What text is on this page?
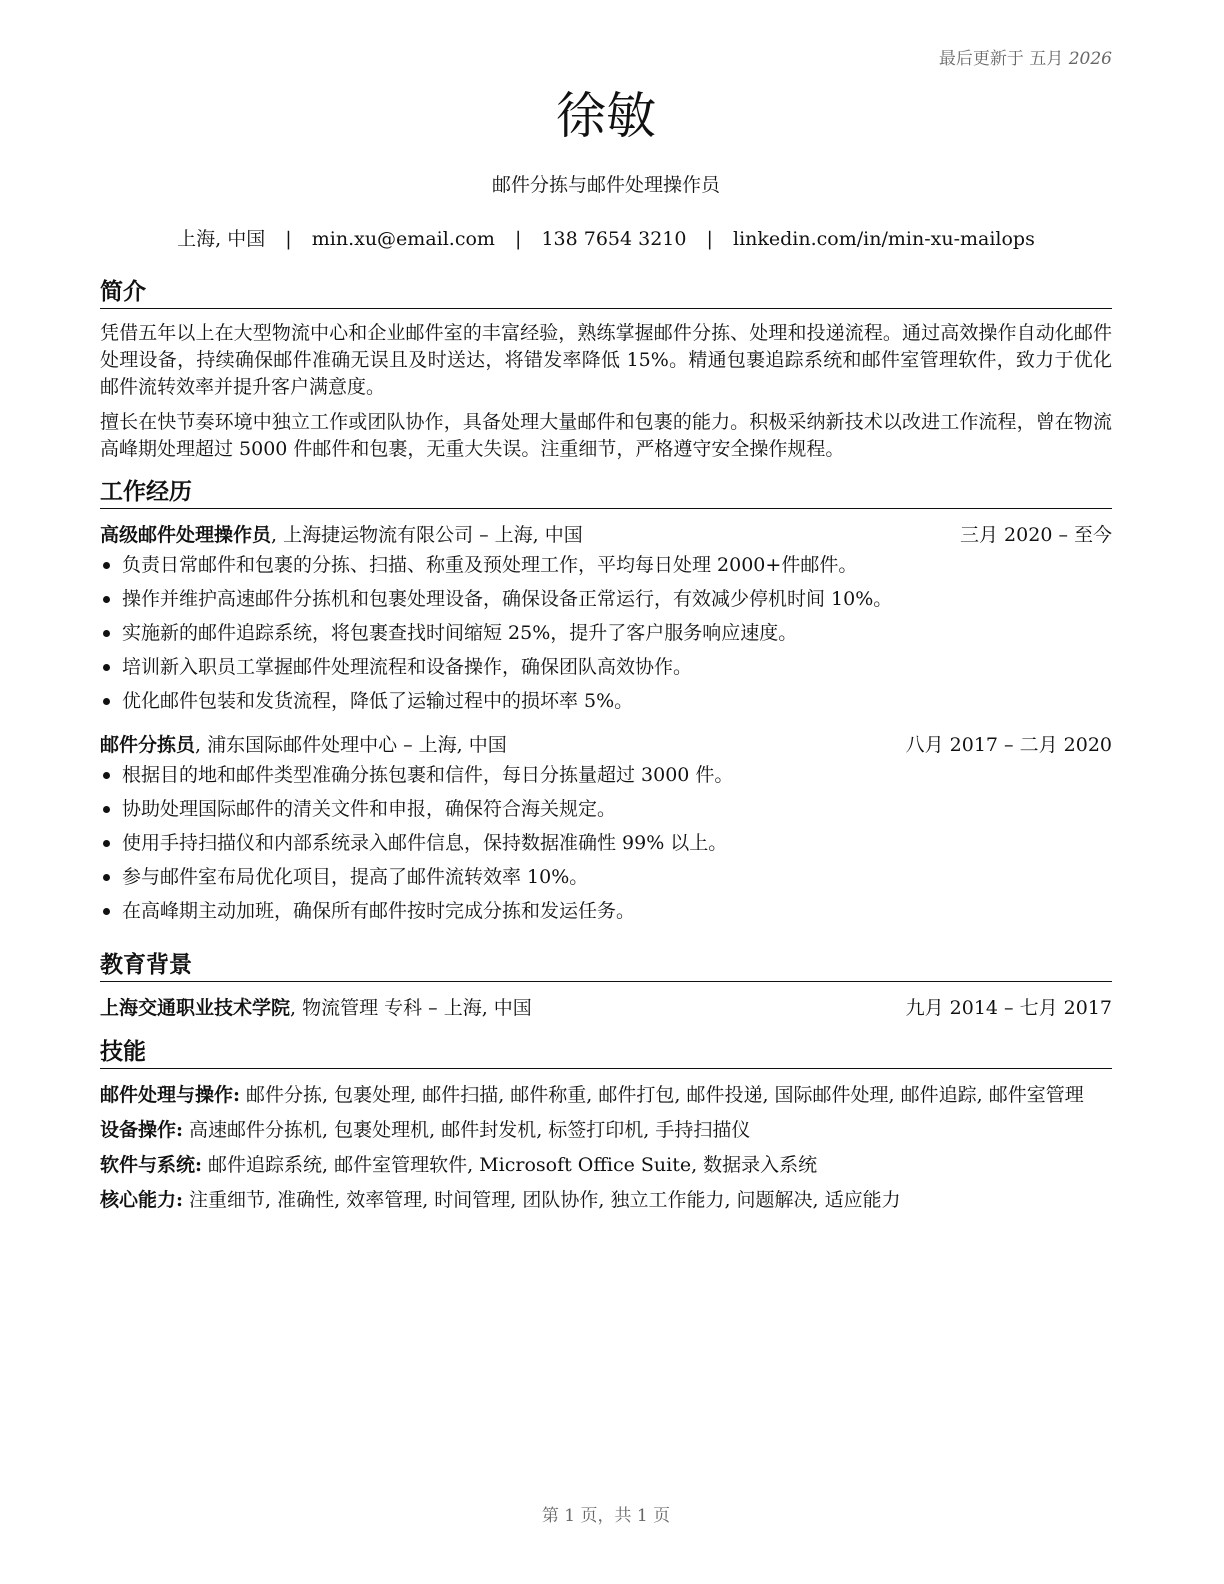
最后更新于 五月 2026
徐敏
邮件分拣与邮件处理操作员
上海, 中国 | min.xu@email.com | 138 7654 3210 | linkedin.com/in/min-xu-mailops
简介

凭借五年以上在大型物流中心和企业邮件室的丰富经验，熟练掌握邮件分拣、处理和投递流程。通过高效操作自动化邮件处理设备，持续确保邮件准确无误且及时送达，将错发率降低 15%。精通包裹追踪系统和邮件室管理软件，致力于优化邮件流转效率并提升客户满意度。

擅长在快节奏环境中独立工作或团队协作，具备处理大量邮件和包裹的能力。积极采纳新技术以改进工作流程，曾在物流高峰期处理超过 5000 件邮件和包裹，无重大失误。注重细节，严格遵守安全操作规程。

工作经历
高级邮件处理操作员, 上海捷运物流有限公司 – 上海, 中国	三月 2020 – 至今
负责日常邮件和包裹的分拣、扫描、称重及预处理工作，平均每日处理 2000+件邮件。
操作并维护高速邮件分拣机和包裹处理设备，确保设备正常运行，有效减少停机时间 10%。
实施新的邮件追踪系统，将包裹查找时间缩短 25%，提升了客户服务响应速度。
培训新入职员工掌握邮件处理流程和设备操作，确保团队高效协作。
优化邮件包装和发货流程，降低了运输过程中的损坏率 5%。
邮件分拣员, 浦东国际邮件处理中心 – 上海, 中国	八月 2017 – 二月 2020
根据目的地和邮件类型准确分拣包裹和信件，每日分拣量超过 3000 件。
协助处理国际邮件的清关文件和申报，确保符合海关规定。
使用手持扫描仪和内部系统录入邮件信息，保持数据准确性 99% 以上。
参与邮件室布局优化项目，提高了邮件流转效率 10%。
在高峰期主动加班，确保所有邮件按时完成分拣和发运任务。
教育背景
上海交通职业技术学院, 物流管理 专科 – 上海, 中国	九月 2014 – 七月 2017
技能
邮件处理与操作: 邮件分拣, 包裹处理, 邮件扫描, 邮件称重, 邮件打包, 邮件投递, 国际邮件处理, 邮件追踪, 邮件室管理
设备操作: 高速邮件分拣机, 包裹处理机, 邮件封发机, 标签打印机, 手持扫描仪
软件与系统: 邮件追踪系统, 邮件室管理软件, Microsoft Office Suite, 数据录入系统
核心能力: 注重细节, 准确性, 效率管理, 时间管理, 团队协作, 独立工作能力, 问题解决, 适应能力
第 1 页，共 1 页
